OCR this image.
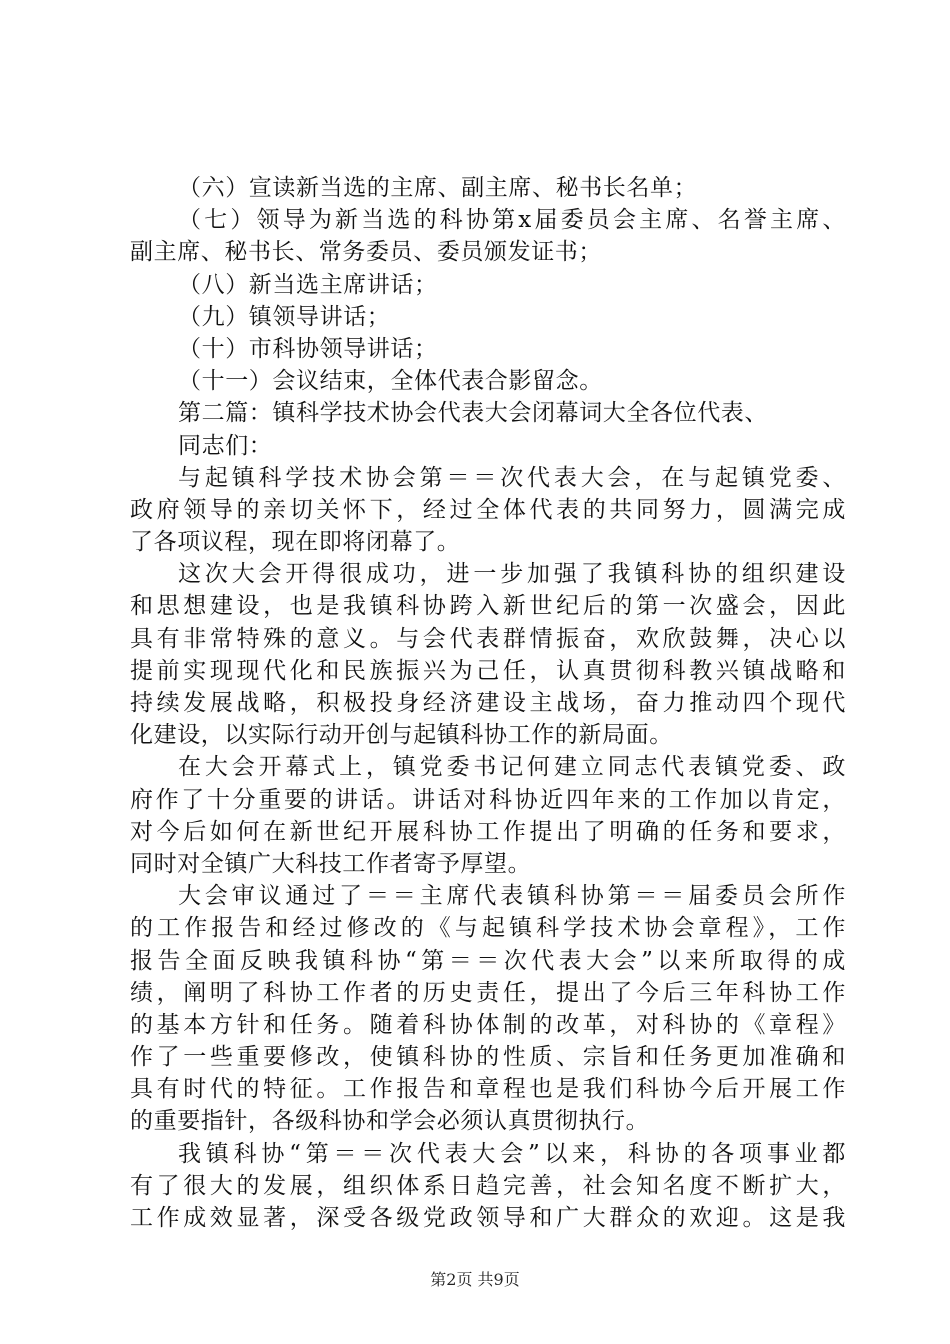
（六）宣读新当选的主席、副主席、秘书长名单；
（七）领导为新当选的科协第x届委员会主席、名誉主席、
副主席、秘书长、常务委员、委员颁发证书；
（八）新当选主席讲话；
（九）镇领导讲话；
（十）市科协领导讲话；
（十一）会议结束，全体代表合影留念。
第二篇：镇科学技术协会代表大会闭幕词大全各位代表、
同志们：
与起镇科学技术协会第＝＝次代表大会，在与起镇党委、
政府领导的亲切关怀下，经过全体代表的共同努力，圆满完成
了各项议程，现在即将闭幕了。
这次大会开得很成功，进一步加强了我镇科协的组织建设
和思想建设，也是我镇科协跨入新世纪后的第一次盛会，因此
具有非常特殊的意义。与会代表群情振奋，欢欣鼓舞，决心以
提前实现现代化和民族振兴为己任，认真贯彻科教兴镇战略和
持续发展战略，积极投身经济建设主战场，奋力推动四个现代
化建设，以实际行动开创与起镇科协工作的新局面。
在大会开幕式上，镇党委书记何建立同志代表镇党委、政
府作了十分重要的讲话。讲话对科协近四年来的工作加以肯定，
对今后如何在新世纪开展科协工作提出了明确的任务和要求，
同时对全镇广大科技工作者寄予厚望。
大会审议通过了＝＝主席代表镇科协第＝＝届委员会所作
的工作报告和经过修改的《与起镇科学技术协会章程》，工作
报告全面反映我镇科协“第＝＝次代表大会”以来所取得的成
绩，阐明了科协工作者的历史责任，提出了今后三年科协工作
的基本方针和任务。随着科协体制的改革，对科协的《章程》
作了一些重要修改，使镇科协的性质、宗旨和任务更加准确和
具有时代的特征。工作报告和章程也是我们科协今后开展工作
的重要指针，各级科协和学会必须认真贯彻执行。
我镇科协“第＝＝次代表大会”以来，科协的各项事业都
有了很大的发展，组织体系日趋完善，社会知名度不断扩大，
工作成效显著，深受各级党政领导和广大群众的欢迎。这是我
第2页 共9页
